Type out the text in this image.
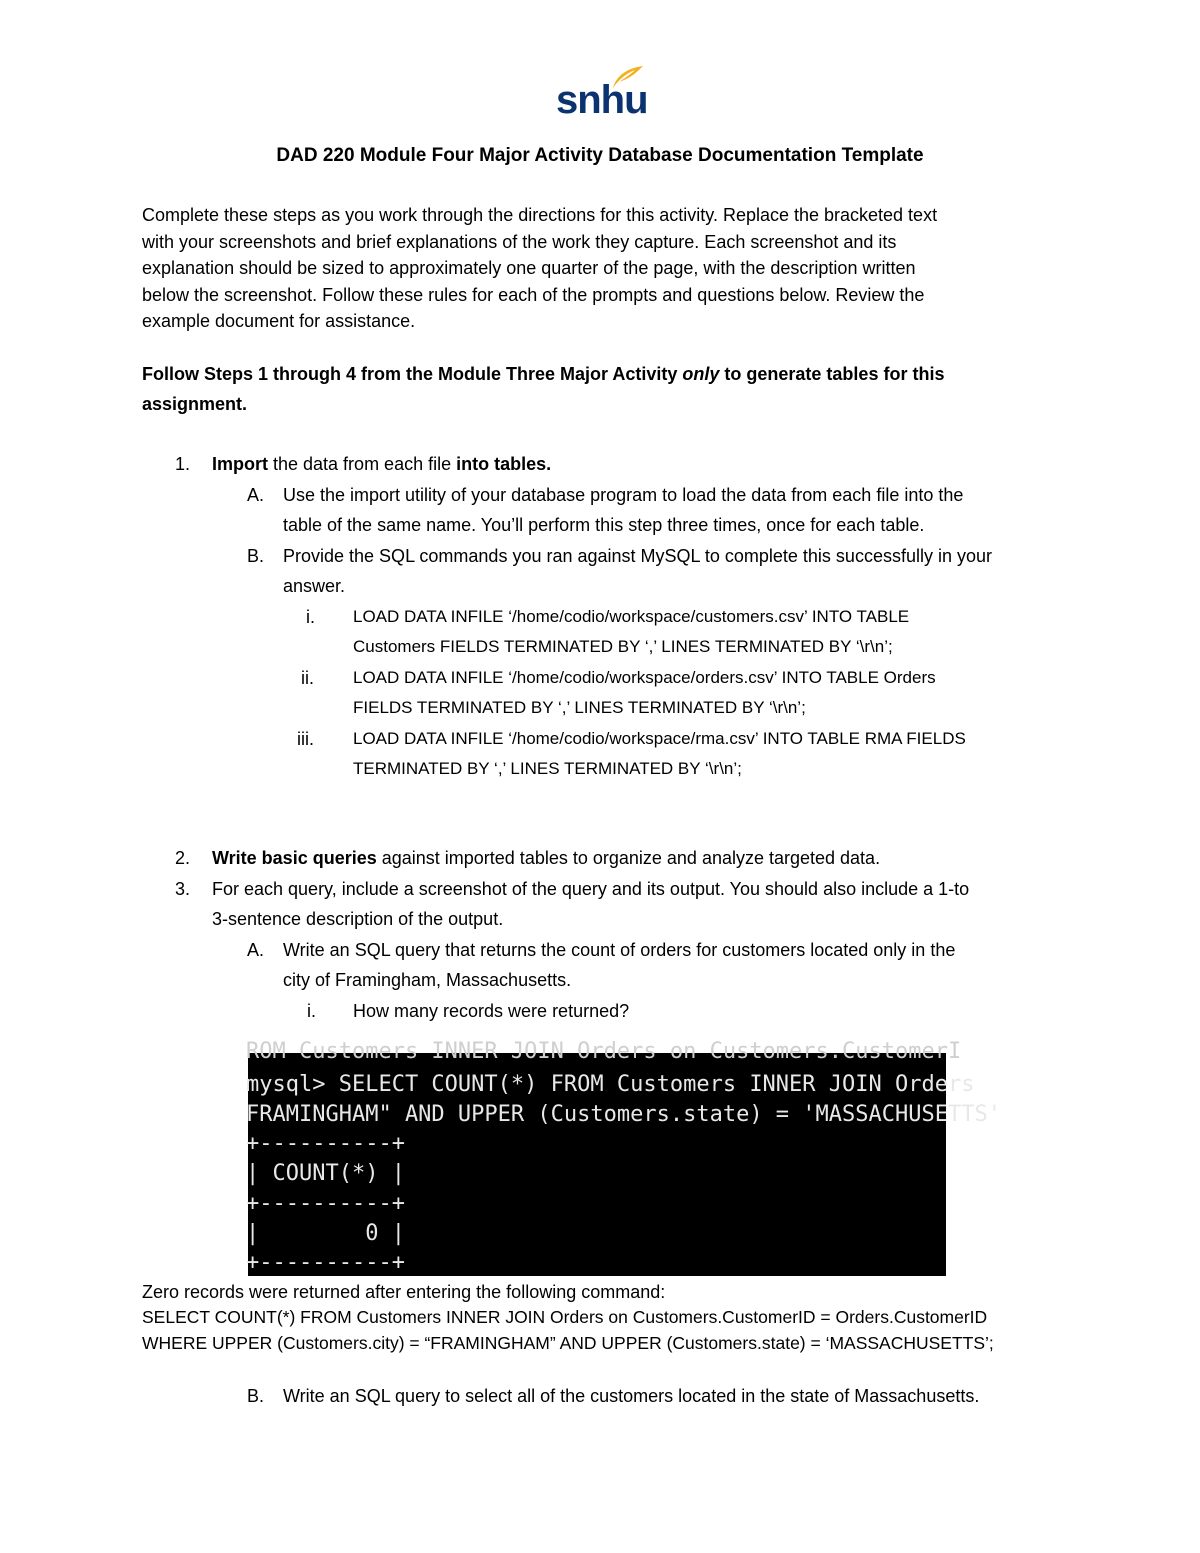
snhu
DAD 220 Module Four Major Activity Database Documentation Template
Complete these steps as you work through the directions for this activity. Replace the bracketed text
with your screenshots and brief explanations of the work they capture. Each screenshot and its
explanation should be sized to approximately one quarter of the page, with the description written
below the screenshot. Follow these rules for each of the prompts and questions below. Review the
example document for assistance.
Follow Steps 1 through 4 from the Module Three Major Activity only to generate tables for this
assignment.
1. Import the data from each file into tables.
A. Use the import utility of your database program to load the data from each file into the
table of the same name. You’ll perform this step three times, once for each table.
B. Provide the SQL commands you ran against MySQL to complete this successfully in your
answer.
i. LOAD DATA INFILE ‘/home/codio/workspace/customers.csv’ INTO TABLE
Customers FIELDS TERMINATED BY ‘,’ LINES TERMINATED BY ‘\r\n’;
ii. LOAD DATA INFILE ‘/home/codio/workspace/orders.csv’ INTO TABLE Orders
FIELDS TERMINATED BY ‘,’ LINES TERMINATED BY ‘\r\n’;
iii. LOAD DATA INFILE ‘/home/codio/workspace/rma.csv’ INTO TABLE RMA FIELDS
TERMINATED BY ‘,’ LINES TERMINATED BY ‘\r\n’;
2. Write basic queries against imported tables to organize and analyze targeted data.
3. For each query, include a screenshot of the query and its output. You should also include a 1-to
3-sentence description of the output.
A. Write an SQL query that returns the count of orders for customers located only in the
city of Framingham, Massachusetts.
i. How many records were returned?
ROM Customers INNER JOIN Orders on Customers.CustomerI
mysql> SELECT COUNT(*) FROM Customers INNER JOIN Orders
FRAMINGHAM" AND UPPER (Customers.state) = 'MASSACHUSETTS'
+----------+
| COUNT(*) |
+----------+
|        0 |
+----------+
Zero records were returned after entering the following command:
SELECT COUNT(*) FROM Customers INNER JOIN Orders on Customers.CustomerID = Orders.CustomerID
WHERE UPPER (Customers.city) = “FRAMINGHAM” AND UPPER (Customers.state) = ‘MASSACHUSETTS’;
B. Write an SQL query to select all of the customers located in the state of Massachusetts.
